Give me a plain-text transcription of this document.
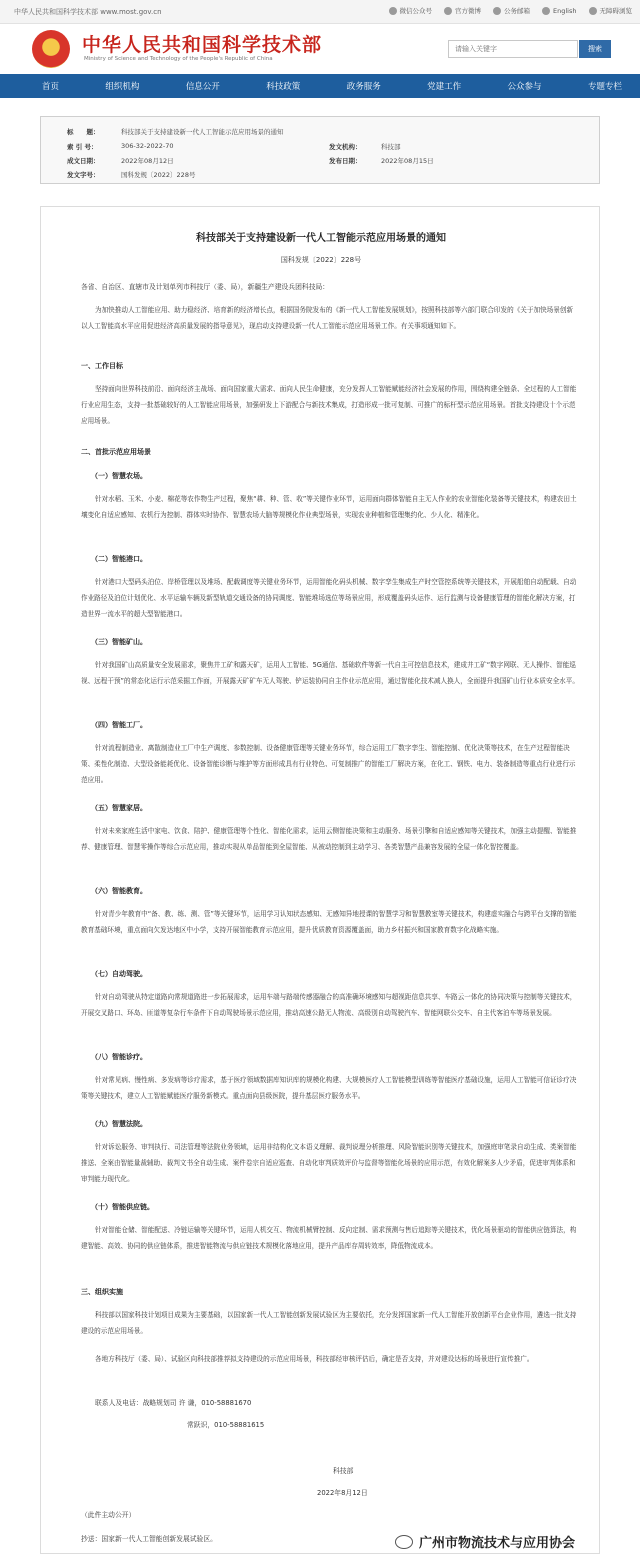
中华人民共和国科学技术部 www.most.gov.cn	微信公众号	官方微博	公务邮箱	English	无障碍浏览
中华人民共和国科学技术部
Ministry of Science and Technology of the People's Republic of China
请输入关键字
搜索
首页	组织机构	信息公开	科技政策	政务服务	党建工作	公众参与	专题专栏
标　　题：	科技部关于支持建设新一代人工智能示范应用场景的通知
索 引 号：	306-32-2022-70	发文机构：	科技部
成文日期：	2022年08月12日	发布日期：	2022年08月15日
发文字号：	国科发规〔2022〕228号
科技部关于支持建设新一代人工智能示范应用场景的通知
国科发规〔2022〕228号
各省、自治区、直辖市及计划单列市科技厅（委、局），新疆生产建设兵团科技局：
为加快推动人工智能应用、助力稳经济、培育新的经济增长点，根据国务院发布的《新一代人工智能发展规划》，按照科技部等六部门联合印发的《关于加快场景创新 以人工智能高水平应用促进经济高质量发展的指导意见》，现启动支持建设新一代人工智能示范应用场景工作。有关事项通知如下。
一、工作目标
坚持面向世界科技前沿、面向经济主战场、面向国家重大需求、面向人民生命健康，充分发挥人工智能赋能经济社会发展的作用，围绕构建全链条、全过程的人工智能行业应用生态，支持一批基础较好的人工智能应用场景，加强研发上下游配合与新技术集成，打造形成一批可复制、可推广的标杆型示范应用场景。首批支持建设十个示范应用场景。
二、首批示范应用场景
（一）智慧农场。
针对水稻、玉米、小麦、棉花等农作物生产过程，聚焦“耕、种、管、收”等关键作业环节，运用面向群体智能自主无人作业的农业智能化装备等关键技术，构建农田土壤变化自适应感知、农机行为控制、群体实时协作、智慧农场大脑等规模化作业典型场景，实现农业种植和管理集约化、少人化、精准化。
（二）智能港口。
针对港口大型码头泊位、岸桥管理以及堆场、配载调度等关键业务环节，运用智能化码头机械、数字孪生集成生产时空管控系统等关键技术，开展船舶自动配载、自动作业路径及泊位计划优化、水平运输车辆及新型轨道交通设备的协同调度、智能堆场选位等场景应用，形成覆盖码头运作、运行监测与设备健康管理的智能化解决方案，打造世界一流水平的超大型智能港口。
（三）智能矿山。
针对我国矿山高质量安全发展需求，聚焦井工矿和露天矿，运用人工智能、5G通信、基础软件等新一代自主可控信息技术，建成井工矿“数字网联、无人操作、智能巡视、远程干预”的常态化运行示范采掘工作面，开展露天矿矿车无人驾驶、铲运装协同自主作业示范应用，通过智能化技术减人换人，全面提升我国矿山行业本质安全水平。
（四）智能工厂。
针对流程制造业、离散制造业工厂中生产调度、参数控制、设备健康管理等关键业务环节，综合运用工厂数字孪生、智能控制、优化决策等技术，在生产过程智能决策、柔性化制造、大型设备能耗优化、设备智能诊断与维护等方面形成具有行业特色、可复制推广的智能工厂解决方案，在化工、钢铁、电力、装备制造等重点行业进行示范应用。
（五）智慧家居。
针对未来家庭生活中家电、饮食、陪护、健康管理等个性化、智能化需求，运用云侧智能决策和主动服务、场景引擎和自适应感知等关键技术，加强主动提醒、智能推荐、健康管理、智慧零操作等综合示范应用，推动实现从单品智能到全屋智能、从被动控制到主动学习、各类智慧产品兼容发展的全屋一体化智控覆盖。
（六）智能教育。
针对青少年教育中“备、教、练、测、管”等关键环节，运用学习认知状态感知、无感知异地授课的智慧学习和智慧教室等关键技术，构建虚实融合与跨平台支撑的智能教育基础环境，重点面向欠发达地区中小学，支持开展智能教育示范应用，提升优质教育资源覆盖面，助力乡村振兴和国家教育数字化战略实施。
（七）自动驾驶。
针对自动驾驶从特定道路向常规道路进一步拓展需求，运用车端与路端传感器融合的高准确环境感知与超视距信息共享、车路云一体化的协同决策与控制等关键技术，开展交叉路口、环岛、匝道等复杂行车条件下自动驾驶场景示范应用，推动高速公路无人物流、高级别自动驾驶汽车、智能网联公交车、自主代客泊车等场景发展。
（八）智能诊疗。
针对常见病、慢性病、多发病等诊疗需求，基于医疗领域数据库知识库的规模化构建、大规模医疗人工智能模型训练等智能医疗基础设施，运用人工智能可信证诊疗决策等关键技术，建立人工智能赋能医疗服务新模式。重点面向县级医院，提升基层医疗服务水平。
（九）智慧法院。
针对诉讼服务、审判执行、司法管理等法院业务领域，运用非结构化文本语义理解、裁判说理分析推理、风险智能识别等关键技术，加强庭审笔录自动生成、类案智能推送、全案由智能量裁辅助、裁判文书全自动生成、案件卷宗自适应巡查、自动化审判质效评价与监督等智能化场景的应用示范，有效化解案多人少矛盾，促进审判体系和审判能力现代化。
（十）智能供应链。
针对智能仓储、智能配送、冷链运输等关键环节，运用人机交互、物流机械臂控制、反向定制、需求预测与售后追踪等关键技术，优化场景驱动的智能供应链算法，构建智能、高效、协同的供应链体系，推进智能物流与供应链技术规模化落地应用，提升产品库存周转效率，降低物流成本。
三、组织实施
科技部以国家科技计划项目成果为主要基础，以国家新一代人工智能创新发展试验区为主要依托，充分发挥国家新一代人工智能开放创新平台企业作用，遴选一批支持建设的示范应用场景。
各地方科技厅（委、局）、试验区向科技部推荐拟支持建设的示范应用场景，科技部经审核评估后，确定是否支持，并对建设达标的场景进行宣传推广。
联系人及电话：战略规划司 许 谦，010-58881670
常跃识，010-58881615
科技部
2022年8月12日
（此件主动公开）
抄送：国家新一代人工智能创新发展试验区。	广州市物流技术与应用协会
